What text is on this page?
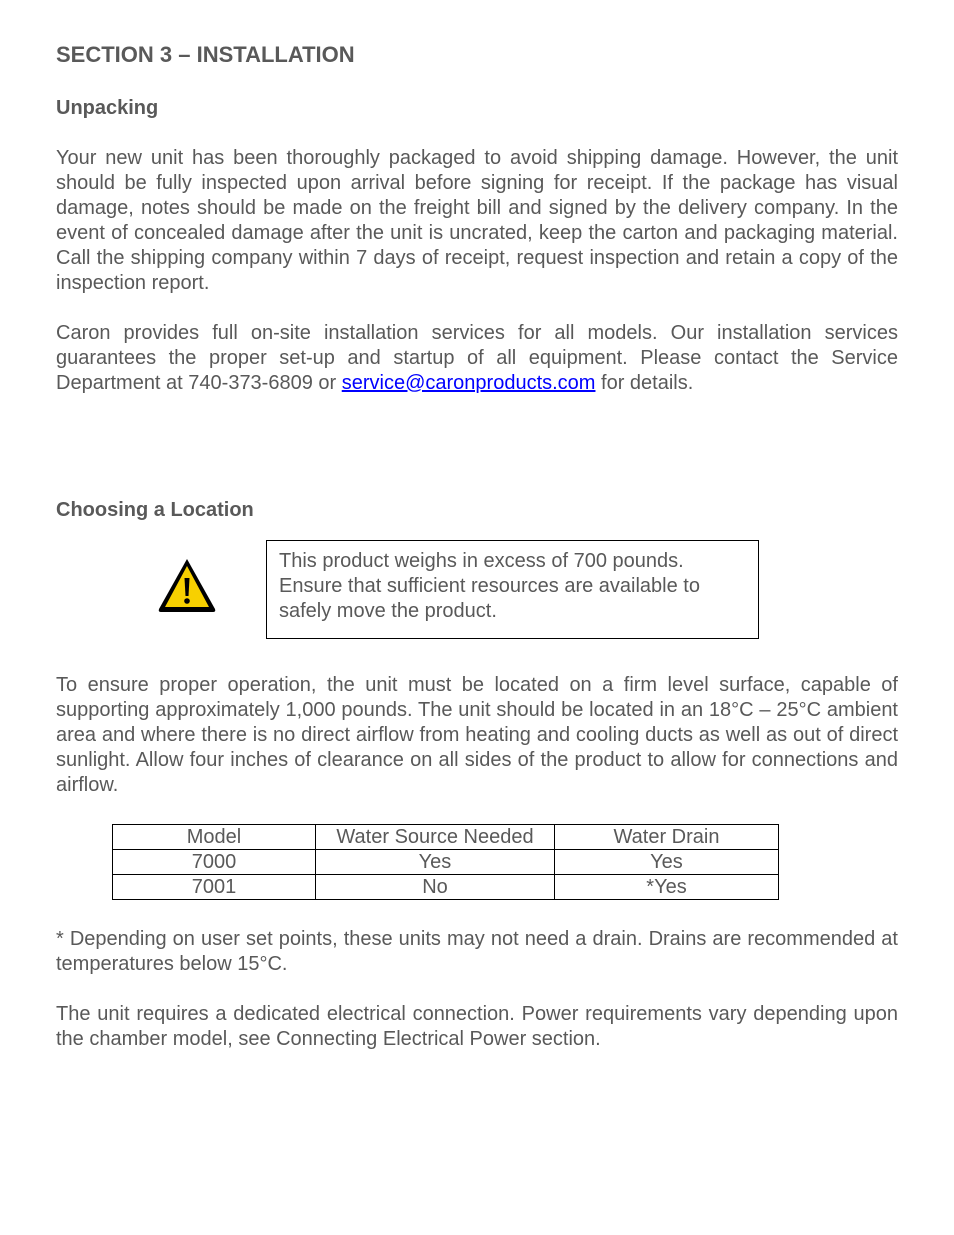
SECTION 3 – INSTALLATION
Unpacking

Your new unit has been thoroughly packaged to avoid shipping damage. However, the unit should be fully inspected upon arrival before signing for receipt. If the package has visual damage, notes should be made on the freight bill and signed by the delivery company. In the event of concealed damage after the unit is uncrated, keep the carton and packaging material. Call the shipping company within 7 days of receipt, request inspection and retain a copy of the inspection report.

Caron provides full on-site installation services for all models. Our installation services guarantees the proper set-up and startup of all equipment. Please contact the Service Department at 740-373-6809 or service@caronproducts.com for details.

Choosing a Location
This product weighs in excess of 700 pounds.
Ensure that sufficient resources are available to
safely move the product.

To ensure proper operation, the unit must be located on a firm level surface, capable of supporting approximately 1,000 pounds. The unit should be located in an 18°C – 25°C ambient area and where there is no direct airflow from heating and cooling ducts as well as out of direct sunlight. Allow four inches of clearance on all sides of the product to allow for connections and airflow.

Model	Water Source Needed	Water Drain
7000	Yes	Yes
7001	No	*Yes

* Depending on user set points, these units may not need a drain. Drains are recommended at temperatures below 15°C.

The unit requires a dedicated electrical connection. Power requirements vary depending upon the chamber model, see Connecting Electrical Power section.
